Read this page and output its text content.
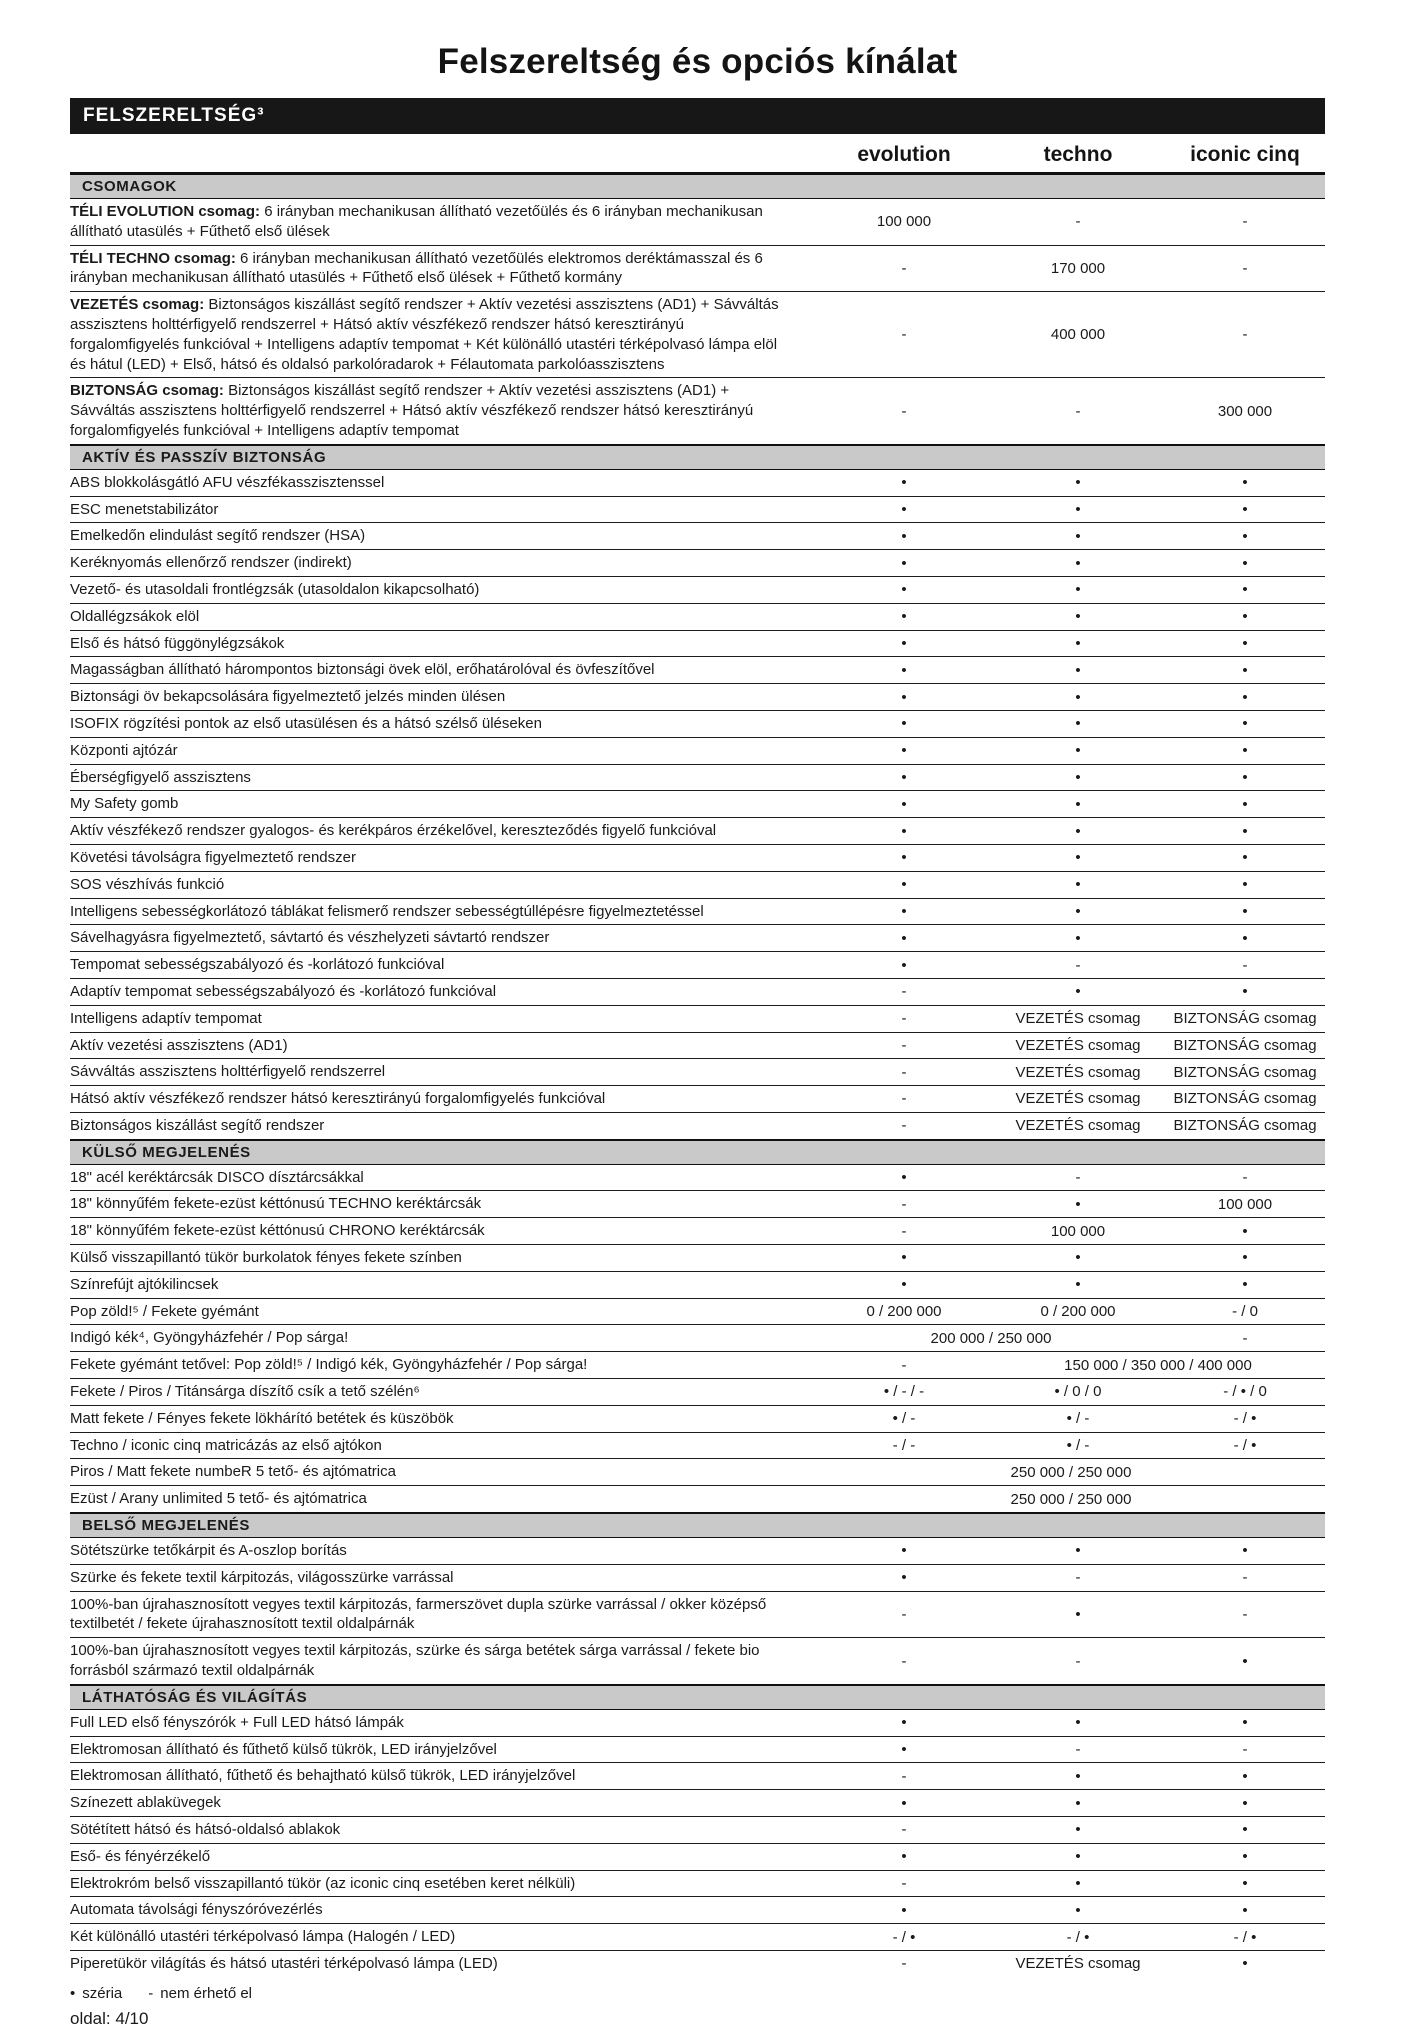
Felszereltség és opciós kínálat
FELSZERELTSÉG³
evolution	techno	iconic cinq
CSOMAGOK
TÉLI EVOLUTION csomag: 6 irányban mechanikusan állítható vezetőülés és 6 irányban mechanikusan állítható utasülés + Fűthető első ülések
100 000	-	-
TÉLI TECHNO csomag: 6 irányban mechanikusan állítható vezetőülés elektromos deréktámasszal és 6 irányban mechanikusan állítható utasülés + Fűthető első ülések + Fűthető kormány
-	170 000	-
VEZETÉS csomag: Biztonságos kiszállást segítő rendszer + Aktív vezetési asszisztens (AD1) + Sávváltás asszisztens holttérfigyelő rendszerrel + Hátsó aktív vészfékező rendszer hátsó keresztirányú forgalomfigyelés funkcióval + Intelligens adaptív tempomat + Két különálló utastéri térképolvasó lámpa elöl és hátul (LED) + Első, hátsó és oldalsó parkolóradarok + Félautomata parkolóasszisztens
-	400 000	-
BIZTONSÁG csomag: Biztonságos kiszállást segítő rendszer + Aktív vezetési asszisztens (AD1) + Sávváltás asszisztens holttérfigyelő rendszerrel + Hátsó aktív vészfékező rendszer hátsó keresztirányú forgalomfigyelés funkcióval + Intelligens adaptív tempomat
-	-	300 000
AKTÍV ÉS PASSZÍV BIZTONSÁG
ABS blokkolásgátló AFU vészfékasszisztenssel	•	•	•
ESC menetstabilizátor	•	•	•
Emelkedőn elindulást segítő rendszer (HSA)	•	•	•
Keréknyomás ellenőrző rendszer (indirekt)	•	•	•
Vezető- és utasoldali frontlégzsák (utasoldalon kikapcsolható)	•	•	•
Oldallégzsákok elöl	•	•	•
Első és hátsó függönylégzsákok	•	•	•
Magasságban állítható hárompontos biztonsági övek elöl, erőhatárolóval és övfeszítővel	•	•	•
Biztonsági öv bekapcsolására figyelmeztető jelzés minden ülésen	•	•	•
ISOFIX rögzítési pontok az első utasülésen és a hátsó szélső üléseken	•	•	•
Központi ajtózár	•	•	•
Éberségfigyelő asszisztens	•	•	•
My Safety gomb	•	•	•
Aktív vészfékező rendszer gyalogos- és kerékpáros érzékelővel, kereszteződés figyelő funkcióval	•	•	•
Követési távolságra figyelmeztető rendszer	•	•	•
SOS vészhívás funkció	•	•	•
Intelligens sebességkorlátozó táblákat felismerő rendszer sebességtúllépésre figyelmeztetéssel	•	•	•
Sávelhagyásra figyelmeztető, sávtartó és vészhelyzeti sávtartó rendszer	•	•	•
Tempomat sebességszabályozó és -korlátozó funkcióval	•	-	-
Adaptív tempomat sebességszabályozó és -korlátozó funkcióval	-	•	•
Intelligens adaptív tempomat	-	VEZETÉS csomag	BIZTONSÁG csomag
Aktív vezetési asszisztens (AD1)	-	VEZETÉS csomag	BIZTONSÁG csomag
Sávváltás asszisztens holttérfigyelő rendszerrel	-	VEZETÉS csomag	BIZTONSÁG csomag
Hátsó aktív vészfékező rendszer hátsó keresztirányú forgalomfigyelés funkcióval	-	VEZETÉS csomag	BIZTONSÁG csomag
Biztonságos kiszállást segítő rendszer	-	VEZETÉS csomag	BIZTONSÁG csomag
KÜLSŐ MEGJELENÉS
18" acél keréktárcsák DISCO dísztárcsákkal	•	-	-
18" könnyűfém fekete-ezüst kéttónusú TECHNO keréktárcsák	-	•	100 000
18" könnyűfém fekete-ezüst kéttónusú CHRONO keréktárcsák	-	100 000	•
Külső visszapillantó tükör burkolatok fényes fekete színben	•	•	•
Színrefújt ajtókilincsek	•	•	•
Pop zöld!⁵ / Fekete gyémánt	0 / 200 000	0 / 200 000	- / 0
Indigó kék⁴, Gyöngyházfehér / Pop sárga!	200 000 / 250 000	-
Fekete gyémánt tetővel: Pop zöld!⁵ / Indigó kék, Gyöngyházfehér / Pop sárga!	-	150 000 / 350 000 / 400 000
Fekete / Piros / Titánsárga díszítő csík a tető szélén⁶	• / - / -	• / 0 / 0	- / • / 0
Matt fekete / Fényes fekete lökhárító betétek és küszöbök	• / -	• / -	- / •
Techno / iconic cinq matricázás az első ajtókon	- / -	• / -	- / •
Piros / Matt fekete numbeR 5 tető- és ajtómatrica	250 000 / 250 000
Ezüst / Arany unlimited 5 tető- és ajtómatrica	250 000 / 250 000
BELSŐ MEGJELENÉS
Sötétszürke tetőkárpit és A-oszlop borítás	•	•	•
Szürke és fekete textil kárpitozás, világosszürke varrással	•	-	-
100%-ban újrahasznosított vegyes textil kárpitozás, farmerszövet dupla szürke varrással / okker középső textilbetét / fekete újrahasznosított textil oldalpárnák
-	•	-
100%-ban újrahasznosított vegyes textil kárpitozás, szürke és sárga betétek sárga varrással / fekete bio forrásból származó textil oldalpárnák
-	-	•
LÁTHATÓSÁG ÉS VILÁGÍTÁS
Full LED első fényszórók + Full LED hátsó lámpák	•	•	•
Elektromosan állítható és fűthető külső tükrök, LED irányjelzővel	•	-	-
Elektromosan állítható, fűthető és behajtható külső tükrök, LED irányjelzővel	-	•	•
Színezett ablaküvegek	•	•	•
Sötétített hátsó és hátsó-oldalsó ablakok	-	•	•
Eső- és fényérzékelő	•	•	•
Elektrokróm belső visszapillantó tükör (az iconic cinq esetében keret nélküli)	-	•	•
Automata távolsági fényszóróvezérlés	•	•	•
Két különálló utastéri térképolvasó lámpa (Halogén / LED)	- / •	- / •	- / •
Piperetükör világítás és hátsó utastéri térképolvasó lámpa (LED)	-	VEZETÉS csomag	•
• széria - nem érhető el
oldal: 4/10
